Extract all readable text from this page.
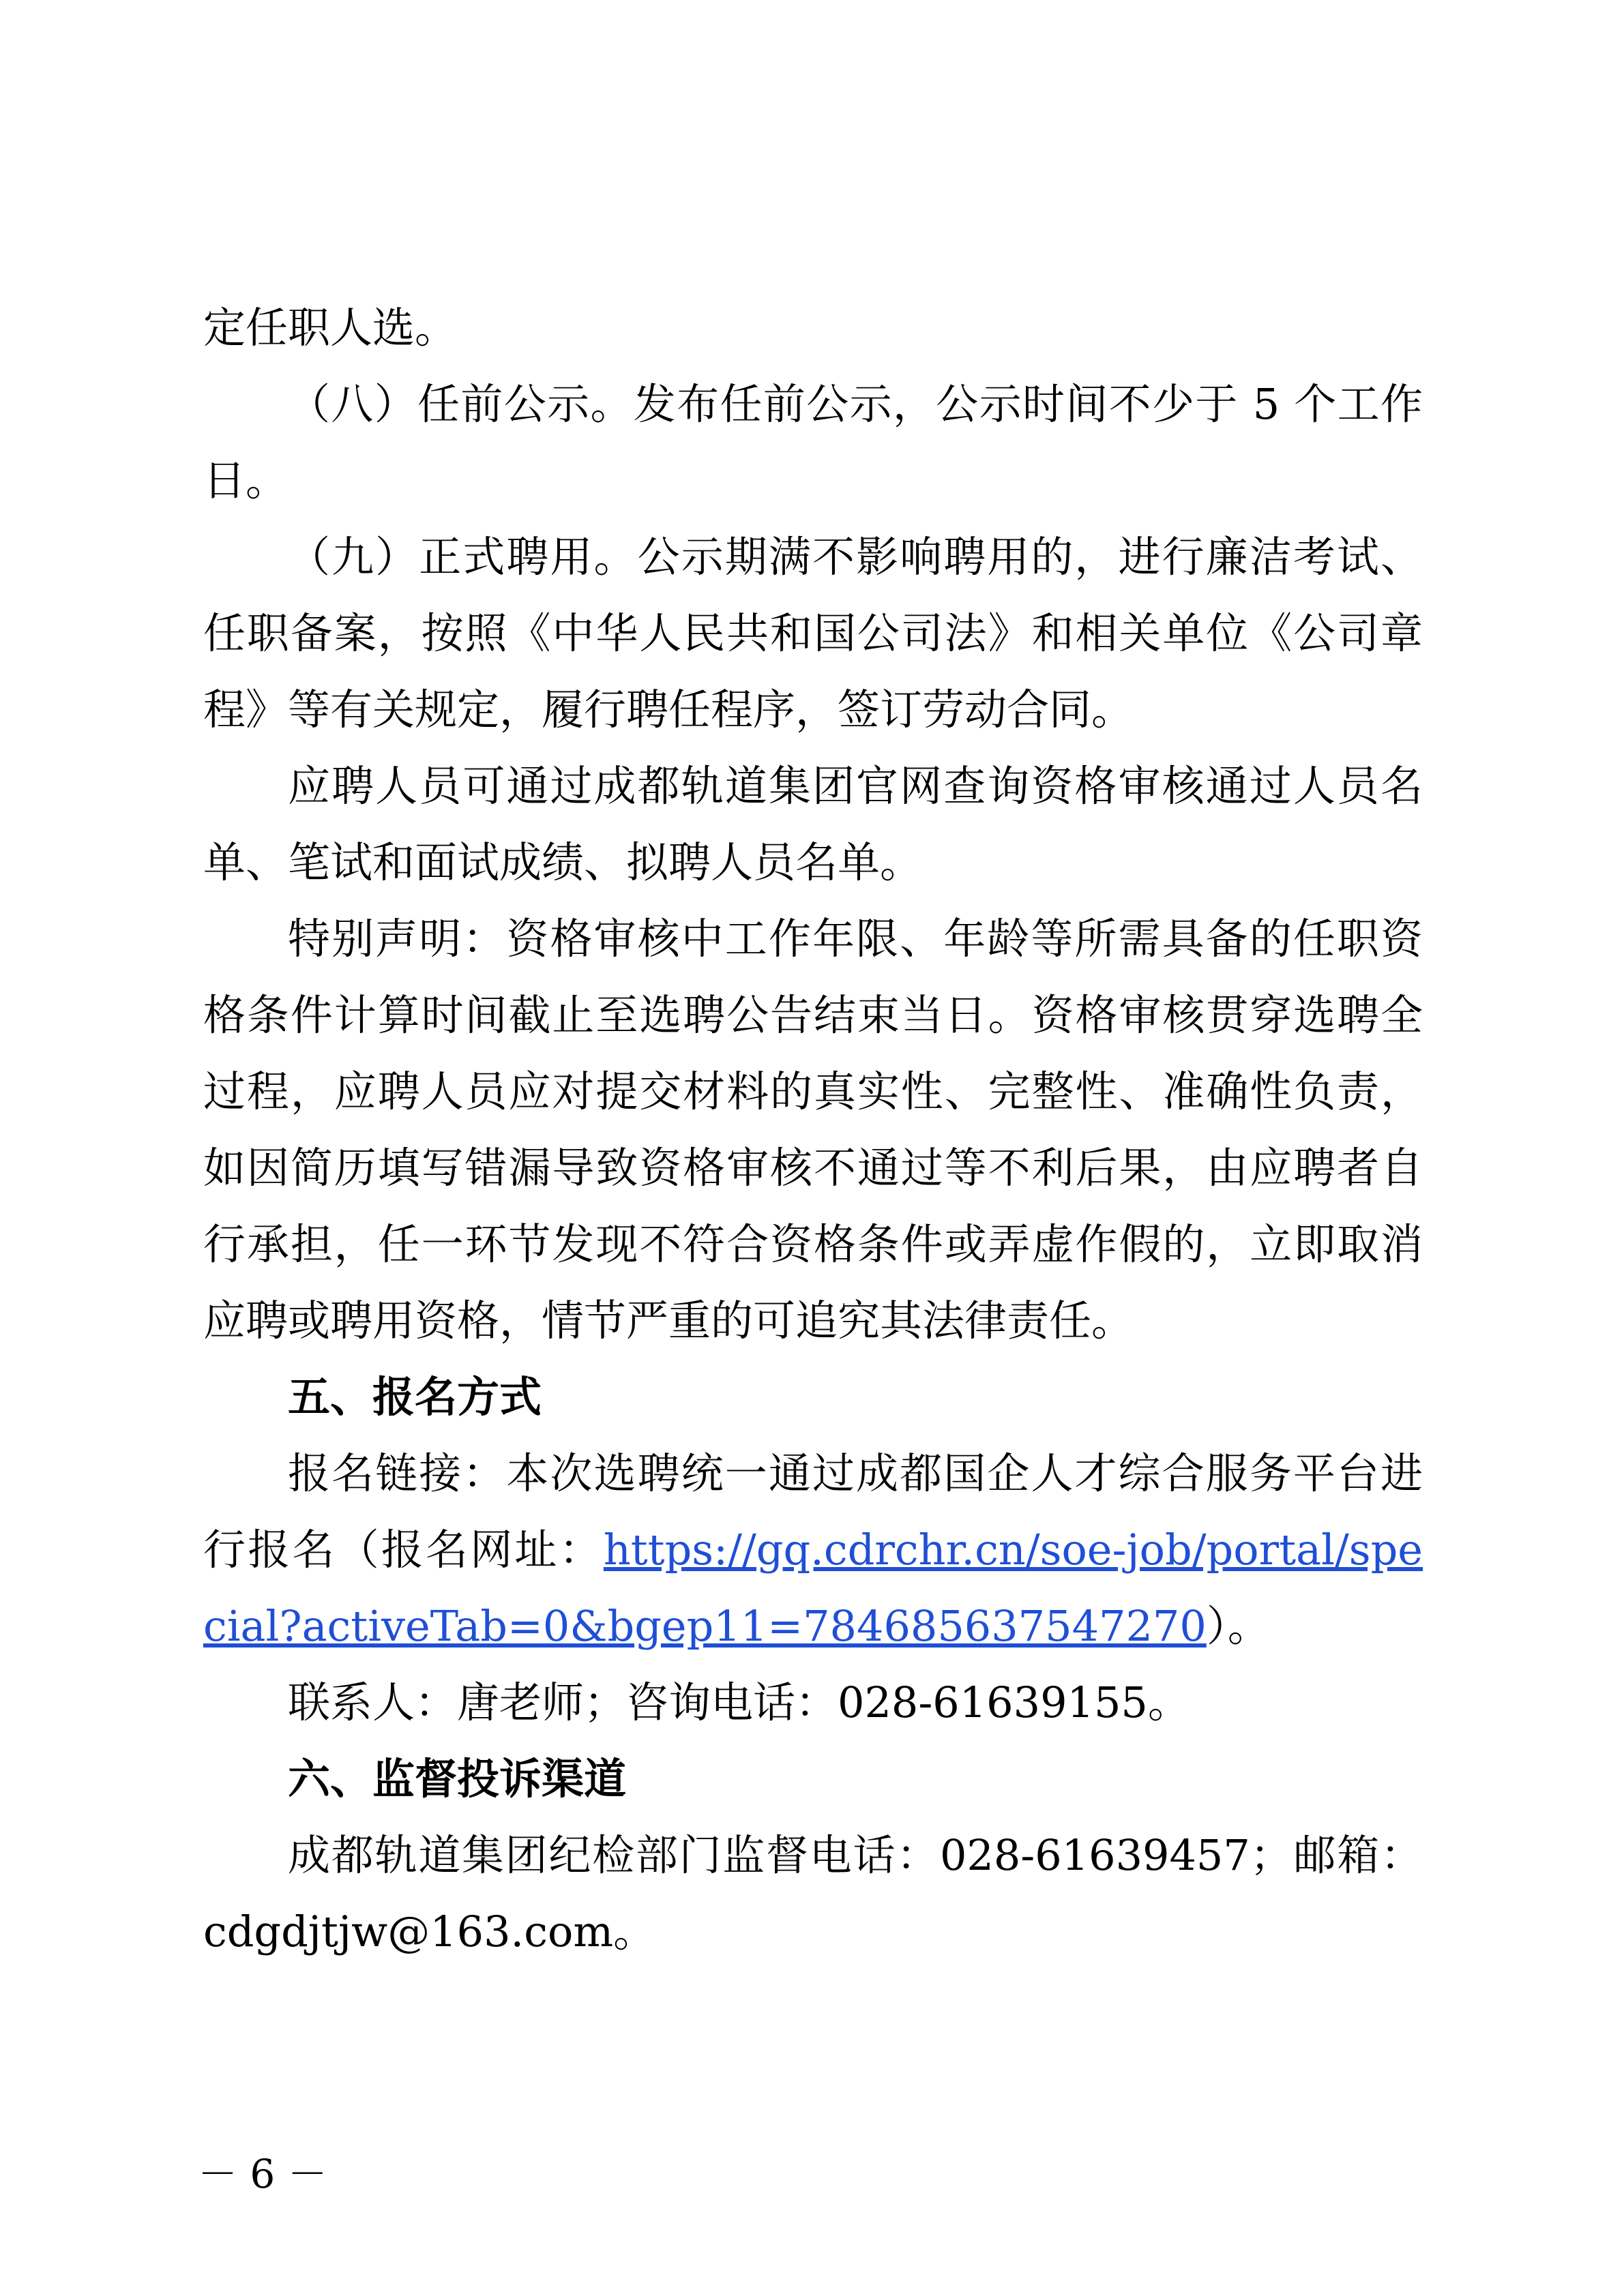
定任职人选。

（八）任前公示。发布任前公示，公示时间不少于 5 个工作日。

（九）正式聘用。公示期满不影响聘用的，进行廉洁考试、任职备案，按照《中华人民共和国公司法》和相关单位《公司章程》等有关规定，履行聘任程序，签订劳动合同。

应聘人员可通过成都轨道集团官网查询资格审核通过人员名单、笔试和面试成绩、拟聘人员名单。

特别声明：资格审核中工作年限、年龄等所需具备的任职资格条件计算时间截止至选聘公告结束当日。资格审核贯穿选聘全过程，应聘人员应对提交材料的真实性、完整性、准确性负责，如因简历填写错漏导致资格审核不通过等不利后果，由应聘者自行承担，任一环节发现不符合资格条件或弄虚作假的，立即取消应聘或聘用资格，情节严重的可追究其法律责任。

五、报名方式

报名链接：本次选聘统一通过成都国企人才综合服务平台进行报名（报名网址：https://gq.cdrchr.cn/soe-job/portal/special?activeTab=0&bgep11=784685637547270）。

联系人：唐老师；咨询电话：028-61639155。

六、监督投诉渠道

成都轨道集团纪检部门监督电话：028-61639457；邮箱：cdgdjtjw@163.com。

－ 6 －
